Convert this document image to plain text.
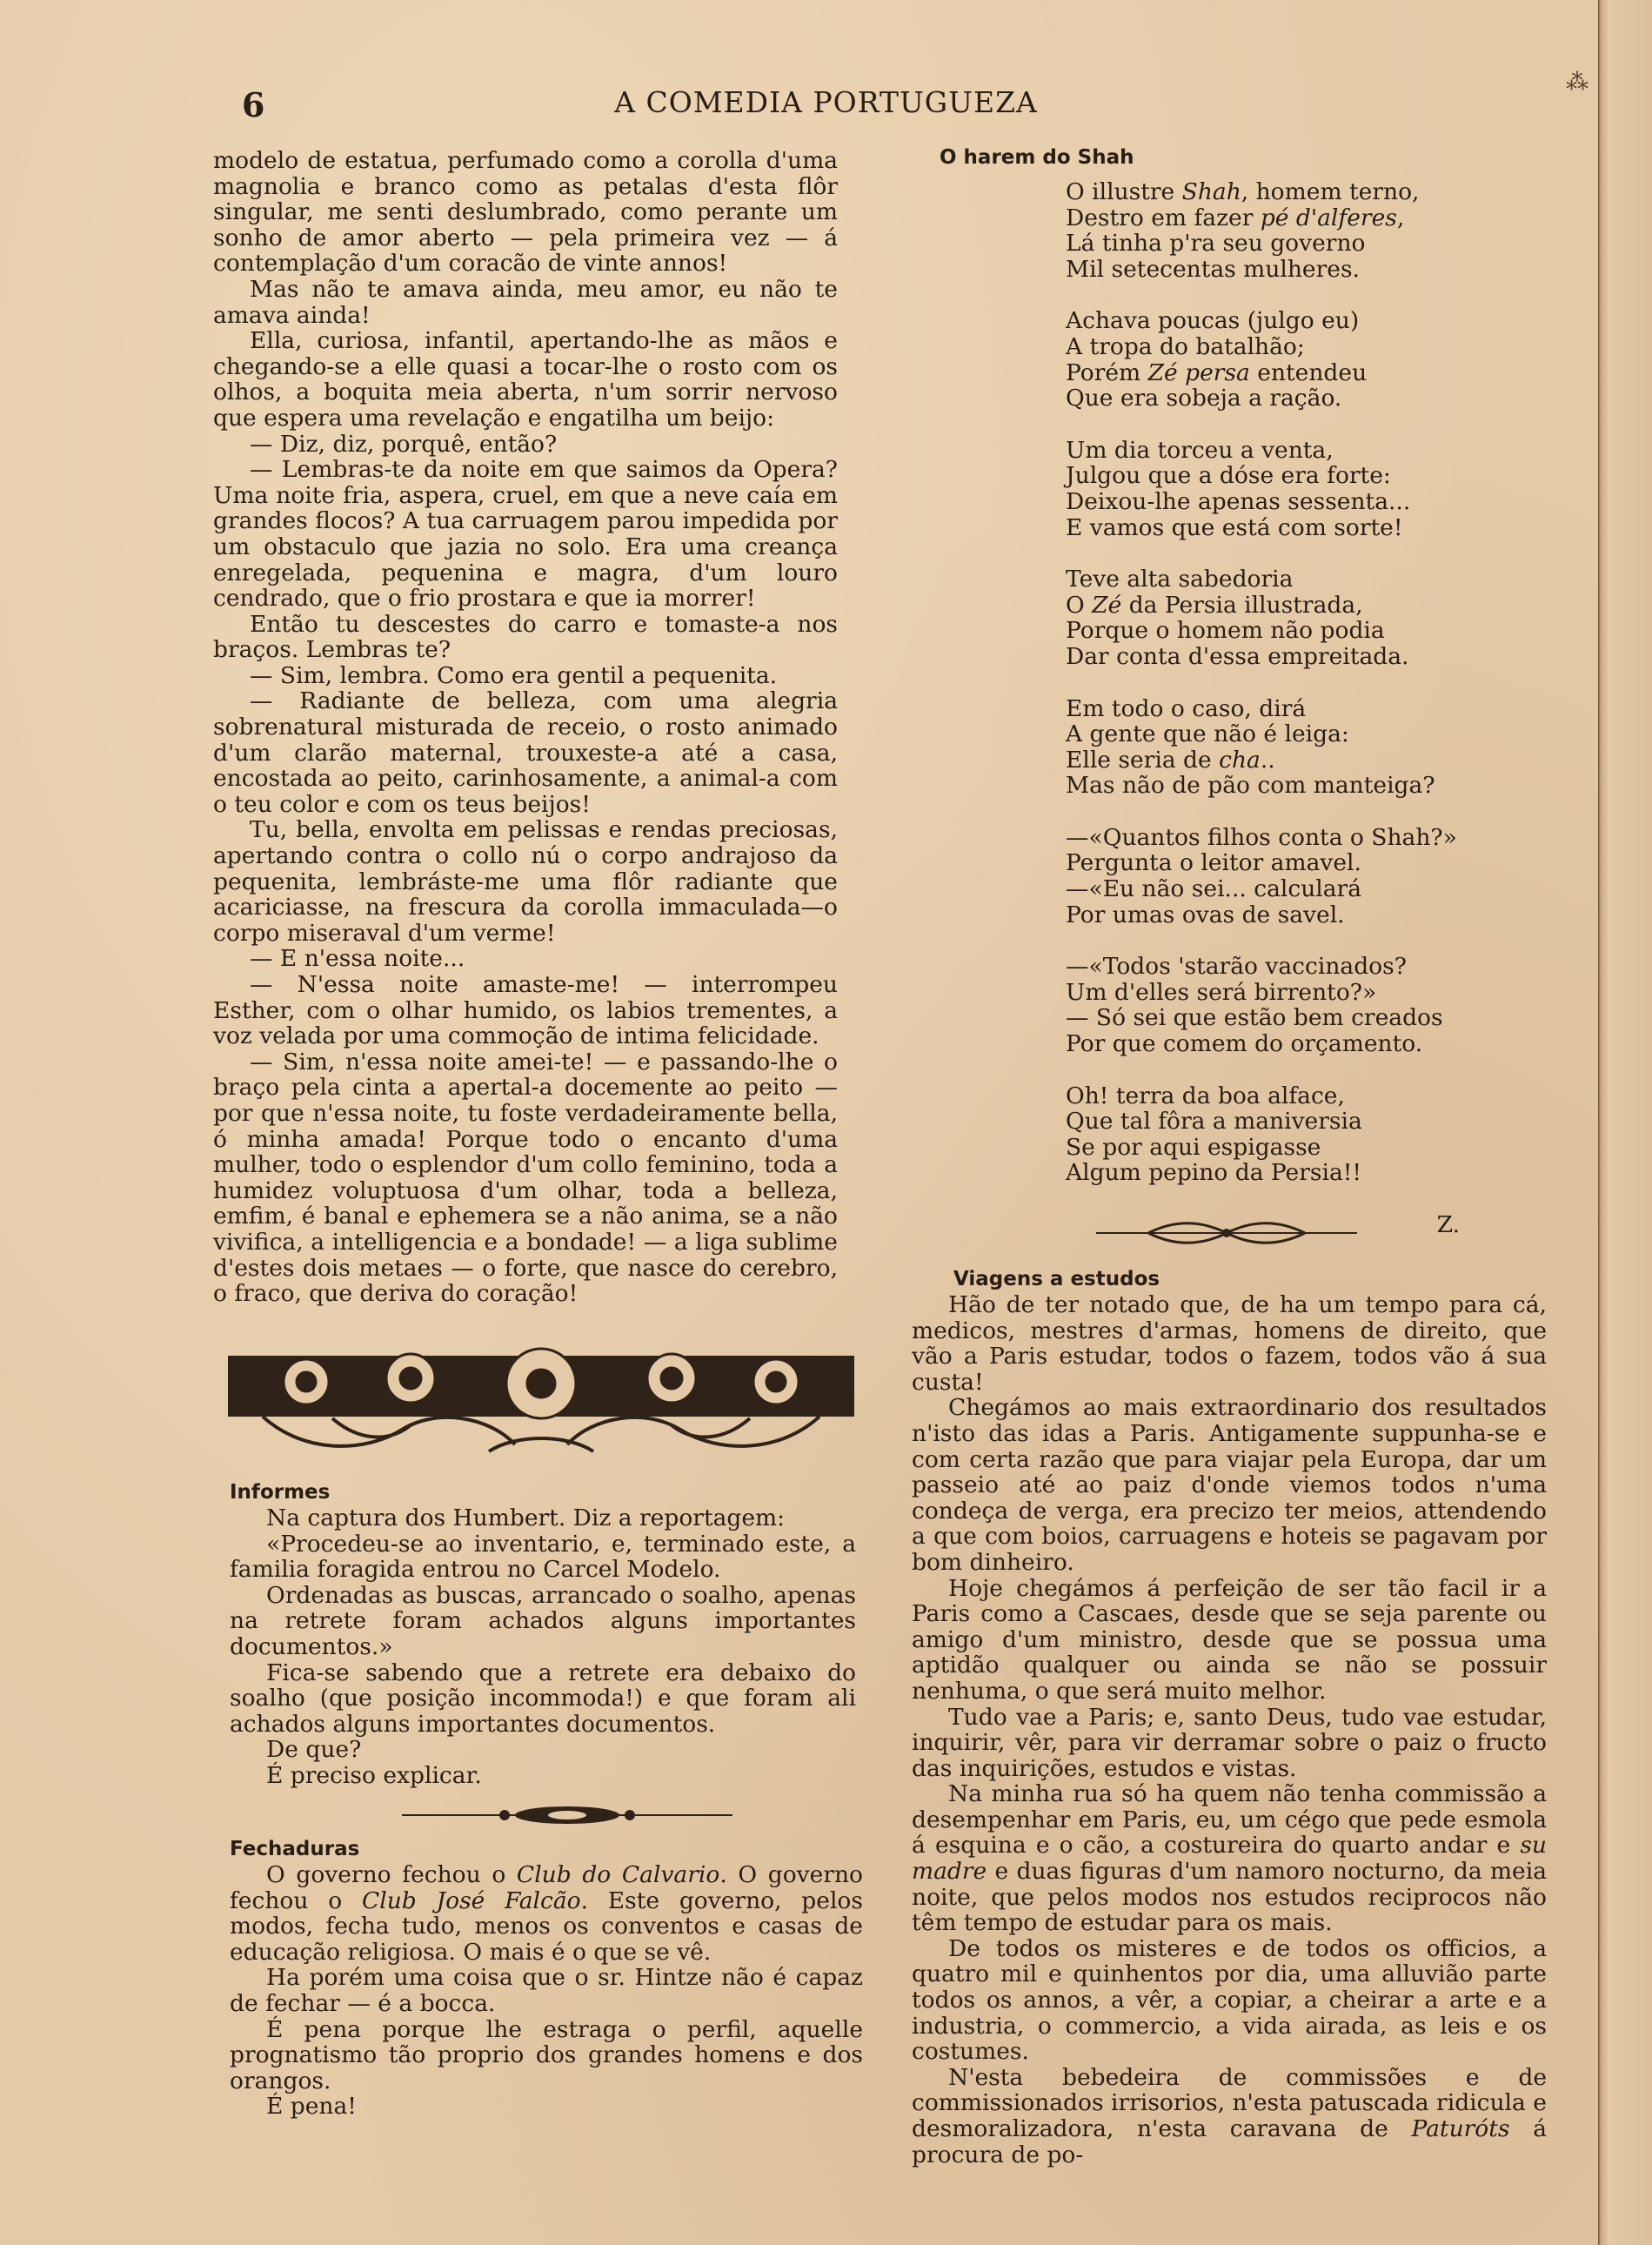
6	A COMEDIA PORTUGUEZA
⁂

modelo de estatua, perfumado como a corolla d'uma magnolia e branco como as petalas d'esta flôr singular, me senti deslumbrado, como perante um sonho de amor aberto — pela primeira vez — á contemplação d'um coracão de vinte annos!

Mas não te amava ainda, meu amor, eu não te amava ainda!

Ella, curiosa, infantil, apertando-lhe as mãos e chegando-se a elle quasi a tocar-lhe o rosto com os olhos, a boquita meia aberta, n'um sorrir nervoso que espera uma revelação e engatilha um beijo:

— Diz, diz, porquê, então?

— Lembras-te da noite em que saimos da Opera? Uma noite fria, aspera, cruel, em que a neve caía em grandes flocos? A tua carruagem parou impedida por um obstaculo que jazia no solo. Era uma creança enregelada, pequenina e magra, d'um louro cendrado, que o frio prostara e que ia morrer!

Então tu descestes do carro e tomaste-a nos braços. Lembras te?

— Sim, lembra. Como era gentil a pequenita.

— Radiante de belleza, com uma alegria sobrenatural misturada de receio, o rosto animado d'um clarão maternal, trouxeste-a até a casa, encostada ao peito, carinhosamente, a animal-a com o teu color e com os teus beijos!

Tu, bella, envolta em pelissas e rendas preciosas, apertando contra o collo nú o corpo andrajoso da pequenita, lembráste-me uma flôr radiante que acariciasse, na frescura da corolla immaculada—o corpo miseraval d'um verme!

— E n'essa noite...

— N'essa noite amaste-me! — interrompeu Esther, com o olhar humido, os labios trementes, a voz velada por uma commoção de intima felicidade.

— Sim, n'essa noite amei-te! — e passando-lhe o braço pela cinta a apertal-a docemente ao peito — por que n'essa noite, tu foste verdadeiramente bella, ó minha amada! Porque todo o encanto d'uma mulher, todo o esplendor d'um collo feminino, toda a humidez voluptuosa d'um olhar, toda a belleza, emfim, é banal e ephemera se a não anima, se a não vivifica, a intelligencia e a bondade! — a liga sublime d'estes dois metaes — o forte, que nasce do cerebro, o fraco, que deriva do coração!

Informes

Na captura dos Humbert. Diz a reportagem:

«Procedeu-se ao inventario, e, terminado este, a familia foragida entrou no Carcel Modelo.

Ordenadas as buscas, arrancado o soalho, apenas na retrete foram achados alguns importantes documentos.»

Fica-se sabendo que a retrete era debaixo do soalho (que posição incommoda!) e que foram ali achados alguns importantes documentos.

De que?

É preciso explicar.

Fechaduras

O governo fechou o Club do Calvario. O governo fechou o Club José Falcão. Este governo, pelos modos, fecha tudo, menos os conventos e casas de educação religiosa. O mais é o que se vê.

Ha porém uma coisa que o sr. Hintze não é capaz de fechar — é a bocca.

É pena porque lhe estraga o perfil, aquelle prognatismo tão proprio dos grandes homens e dos orangos.

É pena!

O harem do Shah

O illustre Shah, homem terno,

Destro em fazer pé d'alferes,

Lá tinha p'ra seu governo

Mil setecentas mulheres.

Achava poucas (julgo eu)

A tropa do batalhão;

Porém Zé persa entendeu

Que era sobeja a ração.

Um dia torceu a venta,

Julgou que a dóse era forte:

Deixou-lhe apenas sessenta...

E vamos que está com sorte!

Teve alta sabedoria

O Zé da Persia illustrada,

Porque o homem não podia

Dar conta d'essa empreitada.

Em todo o caso, dirá

A gente que não é leiga:

Elle seria de cha..

Mas não de pão com manteiga?

—«Quantos filhos conta o Shah?»

Pergunta o leitor amavel.

—«Eu não sei... calculará

Por umas ovas de savel.

—«Todos 'starão vaccinados?

Um d'elles será birrento?»

— Só sei que estão bem creados

Por que comem do orçamento.

Oh! terra da boa alface,

Que tal fôra a maniversia

Se por aqui espigasse

Algum pepino da Persia!!

Z.

Viagens a estudos

Hão de ter notado que, de ha um tempo para cá, medicos, mestres d'armas, homens de direito, que vão a Paris estudar, todos o fazem, todos vão á sua custa!

Chegámos ao mais extraordinario dos resultados n'isto das idas a Paris. Antigamente suppunha-se e com certa razão que para viajar pela Europa, dar um passeio até ao paiz d'onde viemos todos n'uma condeça de verga, era precizo ter meios, attendendo a que com boios, carruagens e hoteis se pagavam por bom dinheiro.

Hoje chegámos á perfeição de ser tão facil ir a Paris como a Cascaes, desde que se seja parente ou amigo d'um ministro, desde que se possua uma aptidão qualquer ou ainda se não se possuir nenhuma, o que será muito melhor.

Tudo vae a Paris; e, santo Deus, tudo vae estudar, inquirir, vêr, para vir derramar sobre o paiz o fructo das inquirições, estudos e vistas.

Na minha rua só ha quem não tenha commissão a desempenhar em Paris, eu, um cégo que pede esmola á esquina e o cão, a costureira do quarto andar e su madre e duas figuras d'um namoro nocturno, da meia noite, que pelos modos nos estudos reciprocos não têm tempo de estudar para os mais.

De todos os misteres e de todos os officios, a quatro mil e quinhentos por dia, uma alluvião parte todos os annos, a vêr, a copiar, a cheirar a arte e a industria, o commercio, a vida airada, as leis e os costumes.

N'esta bebedeira de commissões e de commissionados irrisorios, n'esta patuscada ridicula e desmoralizadora, n'esta caravana de Paturóts á procura de po-
